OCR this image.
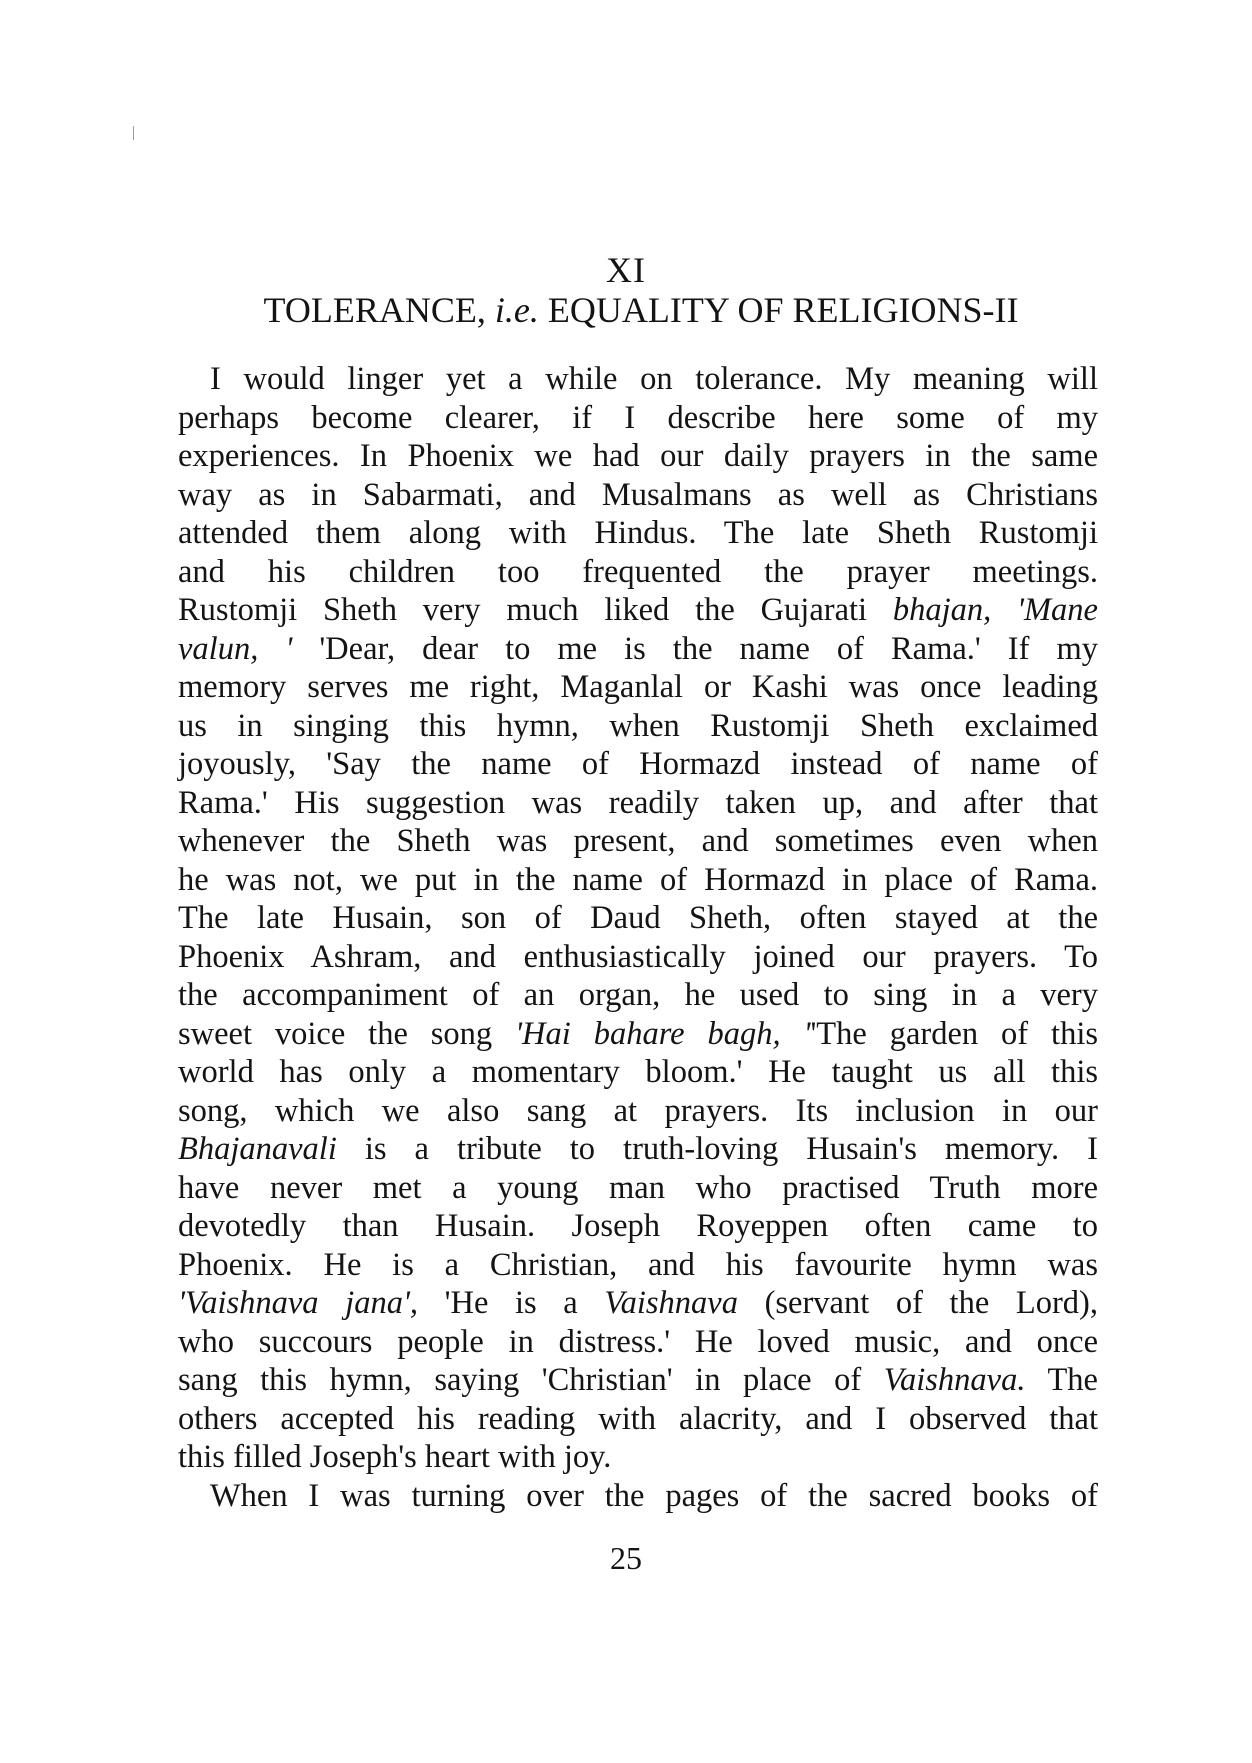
XI
TOLERANCE, i.e. EQUALITY OF RELIGIONS-II
I would linger yet a while on tolerance. My meaning will
perhaps become clearer, if I describe here some of my
experiences. In Phoenix we had our daily prayers in the same
way as in Sabarmati, and Musalmans as well as Christians
attended them along with Hindus. The late Sheth Rustomji
and his children too frequented the prayer meetings.
Rustomji Sheth very much liked the Gujarati bhajan, 'Mane
valun, ' 'Dear, dear to me is the name of Rama.' If my
memory serves me right, Maganlal or Kashi was once leading
us in singing this hymn, when Rustomji Sheth exclaimed
joyously, 'Say the name of Hormazd instead of name of
Rama.' His suggestion was readily taken up, and after that
whenever the Sheth was present, and sometimes even when
he was not, we put in the name of Hormazd in place of Rama.
The late Husain, son of Daud Sheth, often stayed at the
Phoenix Ashram, and enthusiastically joined our prayers. To
the accompaniment of an organ, he used to sing in a very
sweet voice the song 'Hai bahare bagh, ''The garden of this
world has only a momentary bloom.' He taught us all this
song, which we also sang at prayers. Its inclusion in our
Bhajanavali is a tribute to truth-loving Husain's memory. I
have never met a young man who practised Truth more
devotedly than Husain. Joseph Royeppen often came to
Phoenix. He is a Christian, and his favourite hymn was
'Vaishnava jana', 'He is a Vaishnava (servant of the Lord),
who succours people in distress.' He loved music, and once
sang this hymn, saying 'Christian' in place of Vaishnava. The
others accepted his reading with alacrity, and I observed that
this filled Joseph's heart with joy.
When I was turning over the pages of the sacred books of
25
